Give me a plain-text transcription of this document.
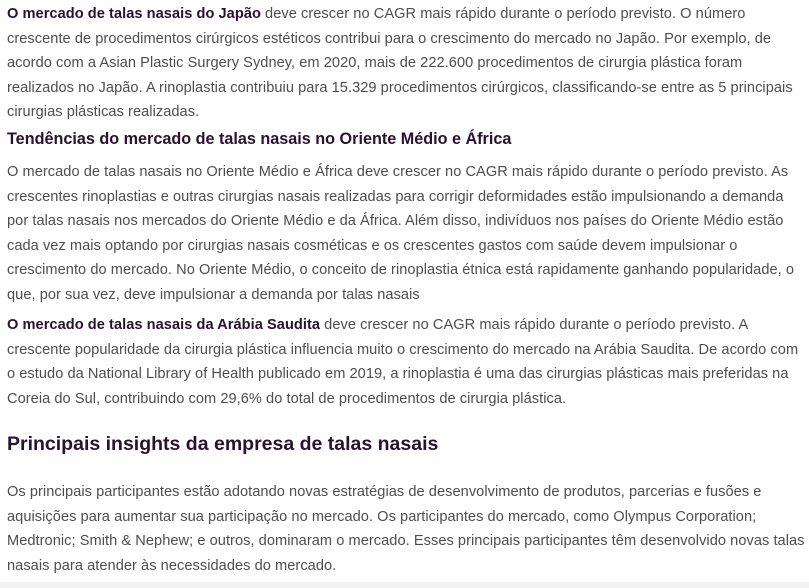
O mercado de talas nasais do Japão deve crescer no CAGR mais rápido durante o período previsto. O número crescente de procedimentos cirúrgicos estéticos contribui para o crescimento do mercado no Japão. Por exemplo, de acordo com a Asian Plastic Surgery Sydney, em 2020, mais de 222.600 procedimentos de cirurgia plástica foram realizados no Japão. A rinoplastia contribuiu para 15.329 procedimentos cirúrgicos, classificando-se entre as 5 principais cirurgias plásticas realizadas.

Tendências do mercado de talas nasais no Oriente Médio e África

O mercado de talas nasais no Oriente Médio e África deve crescer no CAGR mais rápido durante o período previsto. As crescentes rinoplastias e outras cirurgias nasais realizadas para corrigir deformidades estão impulsionando a demanda por talas nasais nos mercados do Oriente Médio e da África. Além disso, indivíduos nos países do Oriente Médio estão cada vez mais optando por cirurgias nasais cosméticas e os crescentes gastos com saúde devem impulsionar o crescimento do mercado. No Oriente Médio, o conceito de rinoplastia étnica está rapidamente ganhando popularidade, o que, por sua vez, deve impulsionar a demanda por talas nasais

O mercado de talas nasais da Arábia Saudita deve crescer no CAGR mais rápido durante o período previsto. A crescente popularidade da cirurgia plástica influencia muito o crescimento do mercado na Arábia Saudita. De acordo com o estudo da National Library of Health publicado em 2019, a rinoplastia é uma das cirurgias plásticas mais preferidas na Coreia do Sul, contribuindo com 29,6% do total de procedimentos de cirurgia plástica.

Principais insights da empresa de talas nasais

Os principais participantes estão adotando novas estratégias de desenvolvimento de produtos, parcerias e fusões e aquisições para aumentar sua participação no mercado. Os participantes do mercado, como Olympus Corporation; Medtronic; Smith & Nephew; e outros, dominaram o mercado. Esses principais participantes têm desenvolvido novas talas nasais para atender às necessidades do mercado.
